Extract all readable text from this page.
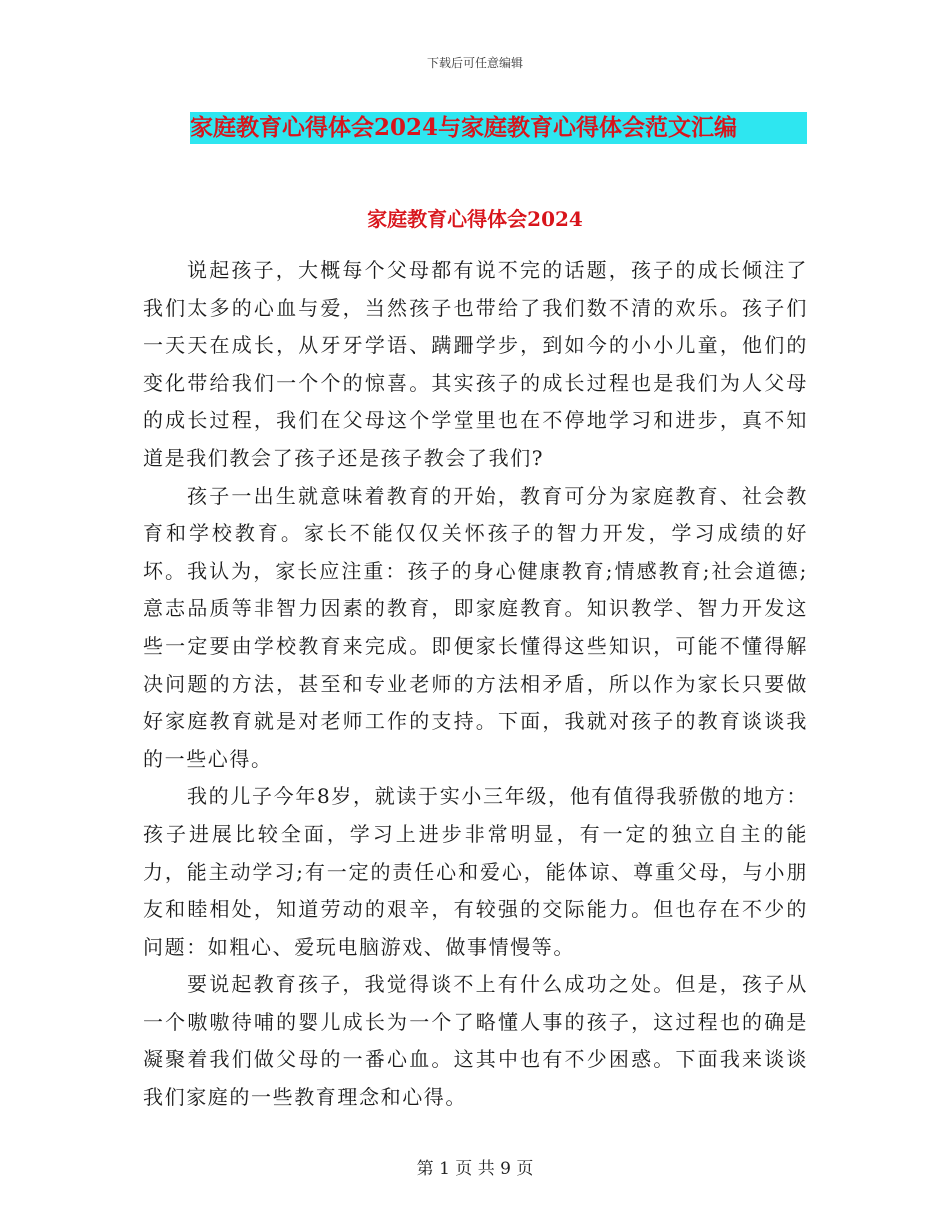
下载后可任意编辑
家庭教育心得体会2024与家庭教育心得体会范文汇编
家庭教育心得体会2024

说起孩子，大概每个父母都有说不完的话题，孩子的成长倾注了我们太多的心血与爱，当然孩子也带给了我们数不清的欢乐。孩子们一天天在成长，从牙牙学语、蹒跚学步，到如今的小小儿童，他们的变化带给我们一个个的惊喜。其实孩子的成长过程也是我们为人父母的成长过程，我们在父母这个学堂里也在不停地学习和进步，真不知道是我们教会了孩子还是孩子教会了我们?

孩子一出生就意味着教育的开始，教育可分为家庭教育、社会教育和学校教育。家长不能仅仅关怀孩子的智力开发，学习成绩的好坏。我认为，家长应注重：孩子的身心健康教育;情感教育;社会道德;意志品质等非智力因素的教育，即家庭教育。知识教学、智力开发这些一定要由学校教育来完成。即便家长懂得这些知识，可能不懂得解决问题的方法，甚至和专业老师的方法相矛盾，所以作为家长只要做好家庭教育就是对老师工作的支持。下面，我就对孩子的教育谈谈我的一些心得。

我的儿子今年8岁，就读于实小三年级，他有值得我骄傲的地方：孩子进展比较全面，学习上进步非常明显，有一定的独立自主的能力，能主动学习;有一定的责任心和爱心，能体谅、尊重父母，与小朋友和睦相处，知道劳动的艰辛，有较强的交际能力。但也存在不少的问题：如粗心、爱玩电脑游戏、做事情慢等。

要说起教育孩子，我觉得谈不上有什么成功之处。但是，孩子从一个嗷嗷待哺的婴儿成长为一个了略懂人事的孩子，这过程也的确是凝聚着我们做父母的一番心血。这其中也有不少困惑。下面我来谈谈我们家庭的一些教育理念和心得。

第 1 页 共 9 页
